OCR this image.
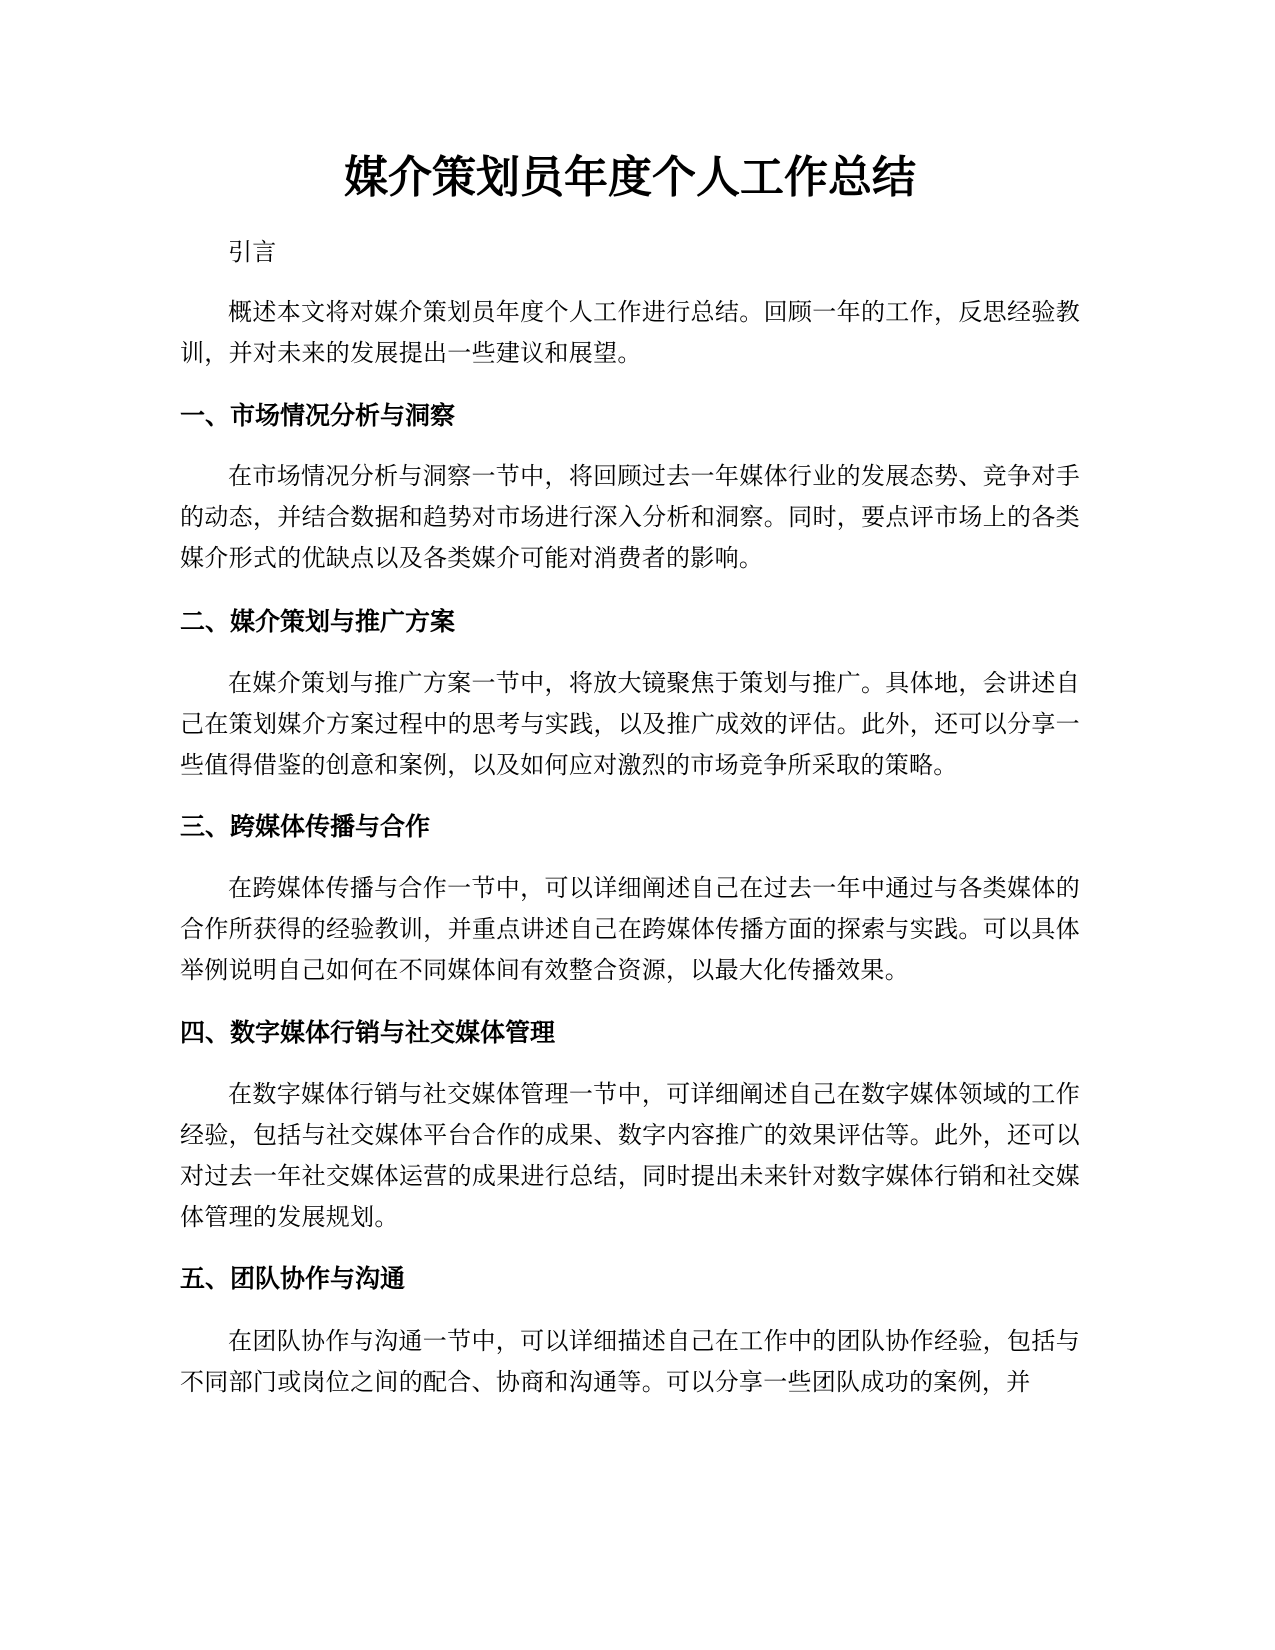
媒介策划员年度个人工作总结

引言

概述本文将对媒介策划员年度个人工作进行总结。回顾一年的工作，反思经验教训，并对未来的发展提出一些建议和展望。

一、市场情况分析与洞察

在市场情况分析与洞察一节中，将回顾过去一年媒体行业的发展态势、竞争对手的动态，并结合数据和趋势对市场进行深入分析和洞察。同时，要点评市场上的各类媒介形式的优缺点以及各类媒介可能对消费者的影响。

二、媒介策划与推广方案

在媒介策划与推广方案一节中，将放大镜聚焦于策划与推广。具体地，会讲述自己在策划媒介方案过程中的思考与实践，以及推广成效的评估。此外，还可以分享一些值得借鉴的创意和案例，以及如何应对激烈的市场竞争所采取的策略。

三、跨媒体传播与合作

在跨媒体传播与合作一节中，可以详细阐述自己在过去一年中通过与各类媒体的合作所获得的经验教训，并重点讲述自己在跨媒体传播方面的探索与实践。可以具体举例说明自己如何在不同媒体间有效整合资源，以最大化传播效果。

四、数字媒体行销与社交媒体管理

在数字媒体行销与社交媒体管理一节中，可详细阐述自己在数字媒体领域的工作经验，包括与社交媒体平台合作的成果、数字内容推广的效果评估等。此外，还可以对过去一年社交媒体运营的成果进行总结，同时提出未来针对数字媒体行销和社交媒体管理的发展规划。

五、团队协作与沟通

在团队协作与沟通一节中，可以详细描述自己在工作中的团队协作经验，包括与不同部门或岗位之间的配合、协商和沟通等。可以分享一些团队成功的案例，并
